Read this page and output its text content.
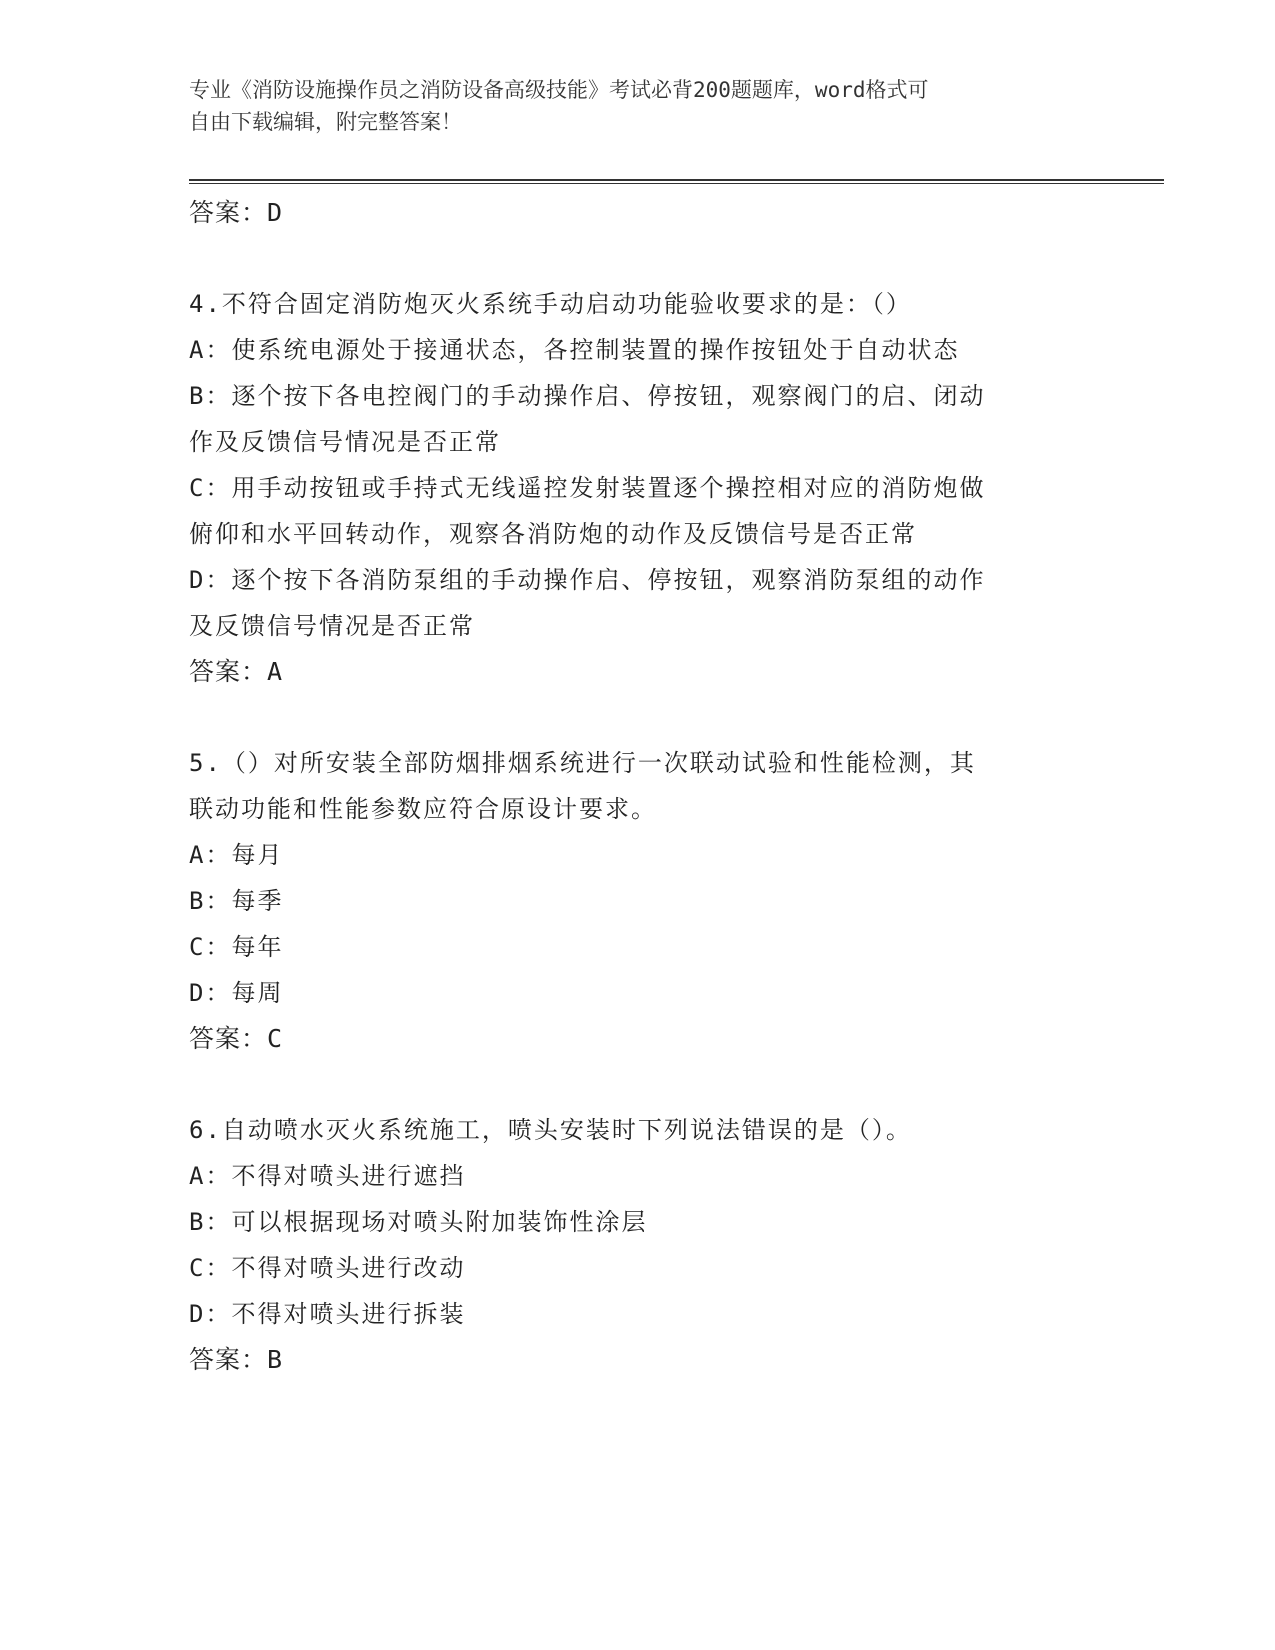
专业《消防设施操作员之消防设备高级技能》考试必背200题题库，word格式可
自由下载编辑，附完整答案！

答案：D

4.不符合固定消防炮灭火系统手动启动功能验收要求的是：（）

A：使系统电源处于接通状态，各控制装置的操作按钮处于自动状态

B：逐个按下各电控阀门的手动操作启、停按钮，观察阀门的启、闭动

作及反馈信号情况是否正常

C：用手动按钮或手持式无线遥控发射装置逐个操控相对应的消防炮做

俯仰和水平回转动作，观察各消防炮的动作及反馈信号是否正常

D：逐个按下各消防泵组的手动操作启、停按钮，观察消防泵组的动作

及反馈信号情况是否正常

答案：A

5.（）对所安装全部防烟排烟系统进行一次联动试验和性能检测，其

联动功能和性能参数应符合原设计要求。

A：每月

B：每季

C：每年

D：每周

答案：C

6.自动喷水灭火系统施工，喷头安装时下列说法错误的是（）。

A：不得对喷头进行遮挡

B：可以根据现场对喷头附加装饰性涂层

C：不得对喷头进行改动

D：不得对喷头进行拆装

答案：B
